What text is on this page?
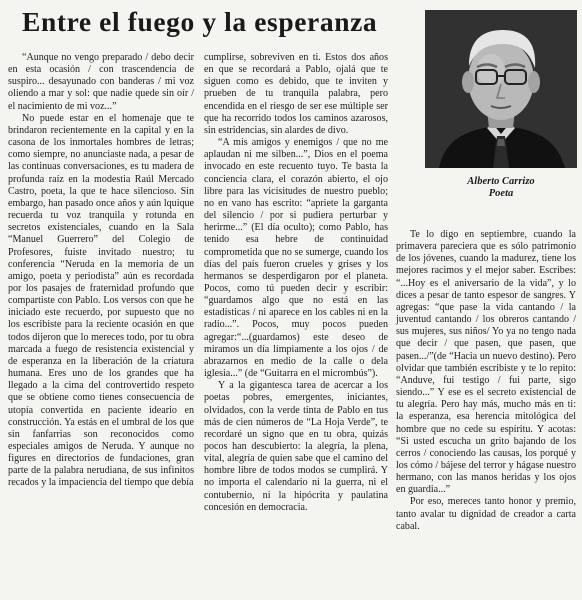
Entre el fuego y la esperanza

“Aunque no vengo preparado / debo decir en esta ocasión / con trascendencia de suspiro... desayunado con banderas / mi voz oliendo a mar y sol: que nadie quede sin oír / el nacimiento de mi voz...”

No puede estar en el homenaje que te brindaron recientemente en la capital y en la casona de los inmortales hombres de letras; como siempre, no anunciaste nada, a pesar de las continuas conversaciones, es tu madera de profunda raíz en la modestia Raúl Mercado Castro, poeta, la que te hace silencioso. Sin embargo, han pasado once años y aún lquique recuerda tu voz tranquila y rotunda en secretos existenciales, cuando en la Sala “Manuel Guerrero” del Colegio de Profesores, fuiste invitado nuestro; tu conferencia “Neruda en la memoria de un amigo, poeta y periodista” aún es recordada por los pasajes de fraternidad profundo que compartiste con Pablo. Los versos con que he iniciado este recuerdo, por supuesto que no los escribiste para la reciente ocasión en que todos dijeron que lo mereces todo, por tu obra marcada a fuego de resistencia existencial y de esperanza en la liberación de la criatura humana. Eres uno de los grandes que ha llegado a la cima del controvertido respeto que se obtiene como tienes consecuencia de utopía convertida en paciente ideario en construcción. Ya estás en el umbral de los que sin fanfarrias son reconocidos como especiales amigos de Neruda. Y aunque no figures en directorios de fundaciones, gran parte de la palabra nerudiana, de sus infinitos recados y la impaciencia del tiempo que debía

cumplirse, sobreviven en ti. Estos dos años en que se recordará a Pablo, ojalá que te siguen como es debido, que te inviten y prueben de tu tranquila palabra, pero encendida en el riesgo de ser ese múltiple ser que ha recorrido todos los caminos azarosos, sin estridencias, sin alardes de divo.

“A mis amigos y enemigos / que no me aplaudan ni me silben...”, Dios en el poema invocado en este recuento tuyo. Te basta la conciencia clara, el corazón abierto, el ojo libre para las vicisitudes de nuestro pueblo; no en vano has escrito: “apriete la garganta del silencio / por si pudiera perturbar y herirme...” (El día oculto); como Pablo, has tenido esa hebre de continuidad comprometida que no se sumerge, cuando los días del país fueron crueles y grises y los hermanos se desperdigaron por el planeta. Pocos, como tú pueden decir y escribir: “guardamos algo que no está en las estadísticas / ni aparece en los cables ni en la radio...”. Pocos, muy pocos pueden agregar:“...(guardamos) este deseo de miramos un día límpiamente a los ojos / de abrazarnos en medio de la calle o dela iglesia...” (de “Guitarra en el micrombús”).

Y a la gigantesca tarea de acercar a los poetas pobres, emergentes, iniciantes, olvidados, con la verde tinta de Pablo en tus más de cien números de “La Hoja Verde”, te recordaré un signo que en tu obra, quizás pocos han descubierto: la alegría, la plena, vital, alegría de quien sabe que el camino del hombre libre de todos modos se cumplirá. Y no importa el calendario ni la guerra, ni el contubernio, ni la hipócrita y paulatina concesión en democracia.

Alberto Carrizo
Poeta

Te lo digo en septiembre, cuando la primavera pareciera que es sólo patrimonio de los jóvenes, cuando la madurez, tiene los mejores racimos y el mejor saber. Escribes: “...Hoy es el aniversario de la vida”, y lo dices a pesar de tanto espesor de sangres. Y agregas: “que pase la vida cantando / la juventud cantando / los obreros cantando / sus mujeres, sus niños/ Yo ya no tengo nada que decir / que pasen, que pasen, que pasen.../”(de “Hacia un nuevo destino). Pero olvidar que también escribiste y te lo repito: “Anduve, fui testigo / fui parte, sigo siendo...” Y ese es el secreto existencial de tu alegría. Pero hay más, mucho más en ti: la esperanza, esa herencia mitológica del hombre que no cede su espíritu. Y acotas: “Si usted escucha un grito bajando de los cerros / conociendo las causas, los porqué y los cómo / bájese del terror y hágase nuestro hermano, con las manos heridas y los ojos en guardia...”

Por eso, mereces tanto honor y premio, tanto avalar tu dignidad de creador a carta cabal.
